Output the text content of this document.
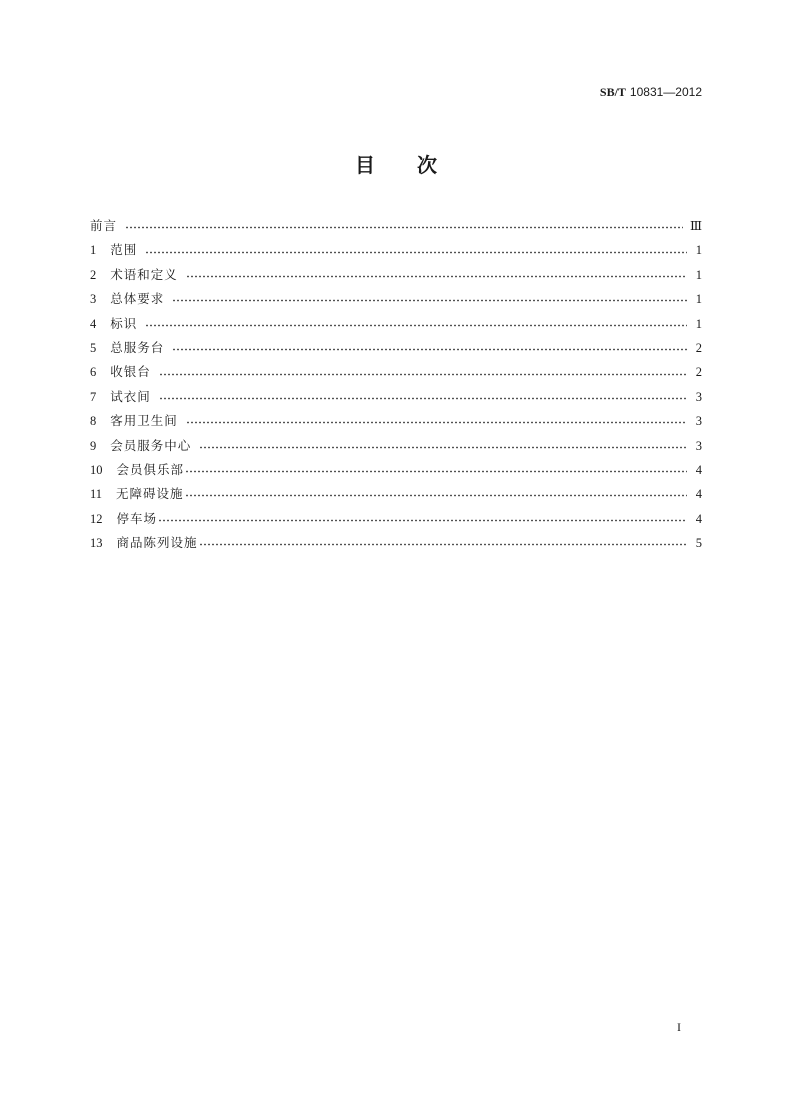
SB/T 10831—2012
目 次
前言	Ⅲ
1 范围	1
2 术语和定义	1
3 总体要求	1
4 标识	1
5 总服务台	2
6 收银台	2
7 试衣间	3
8 客用卫生间	3
9 会员服务中心	3
10 会员俱乐部	4
11 无障碍设施	4
12 停车场	4
13 商品陈列设施	5
I
